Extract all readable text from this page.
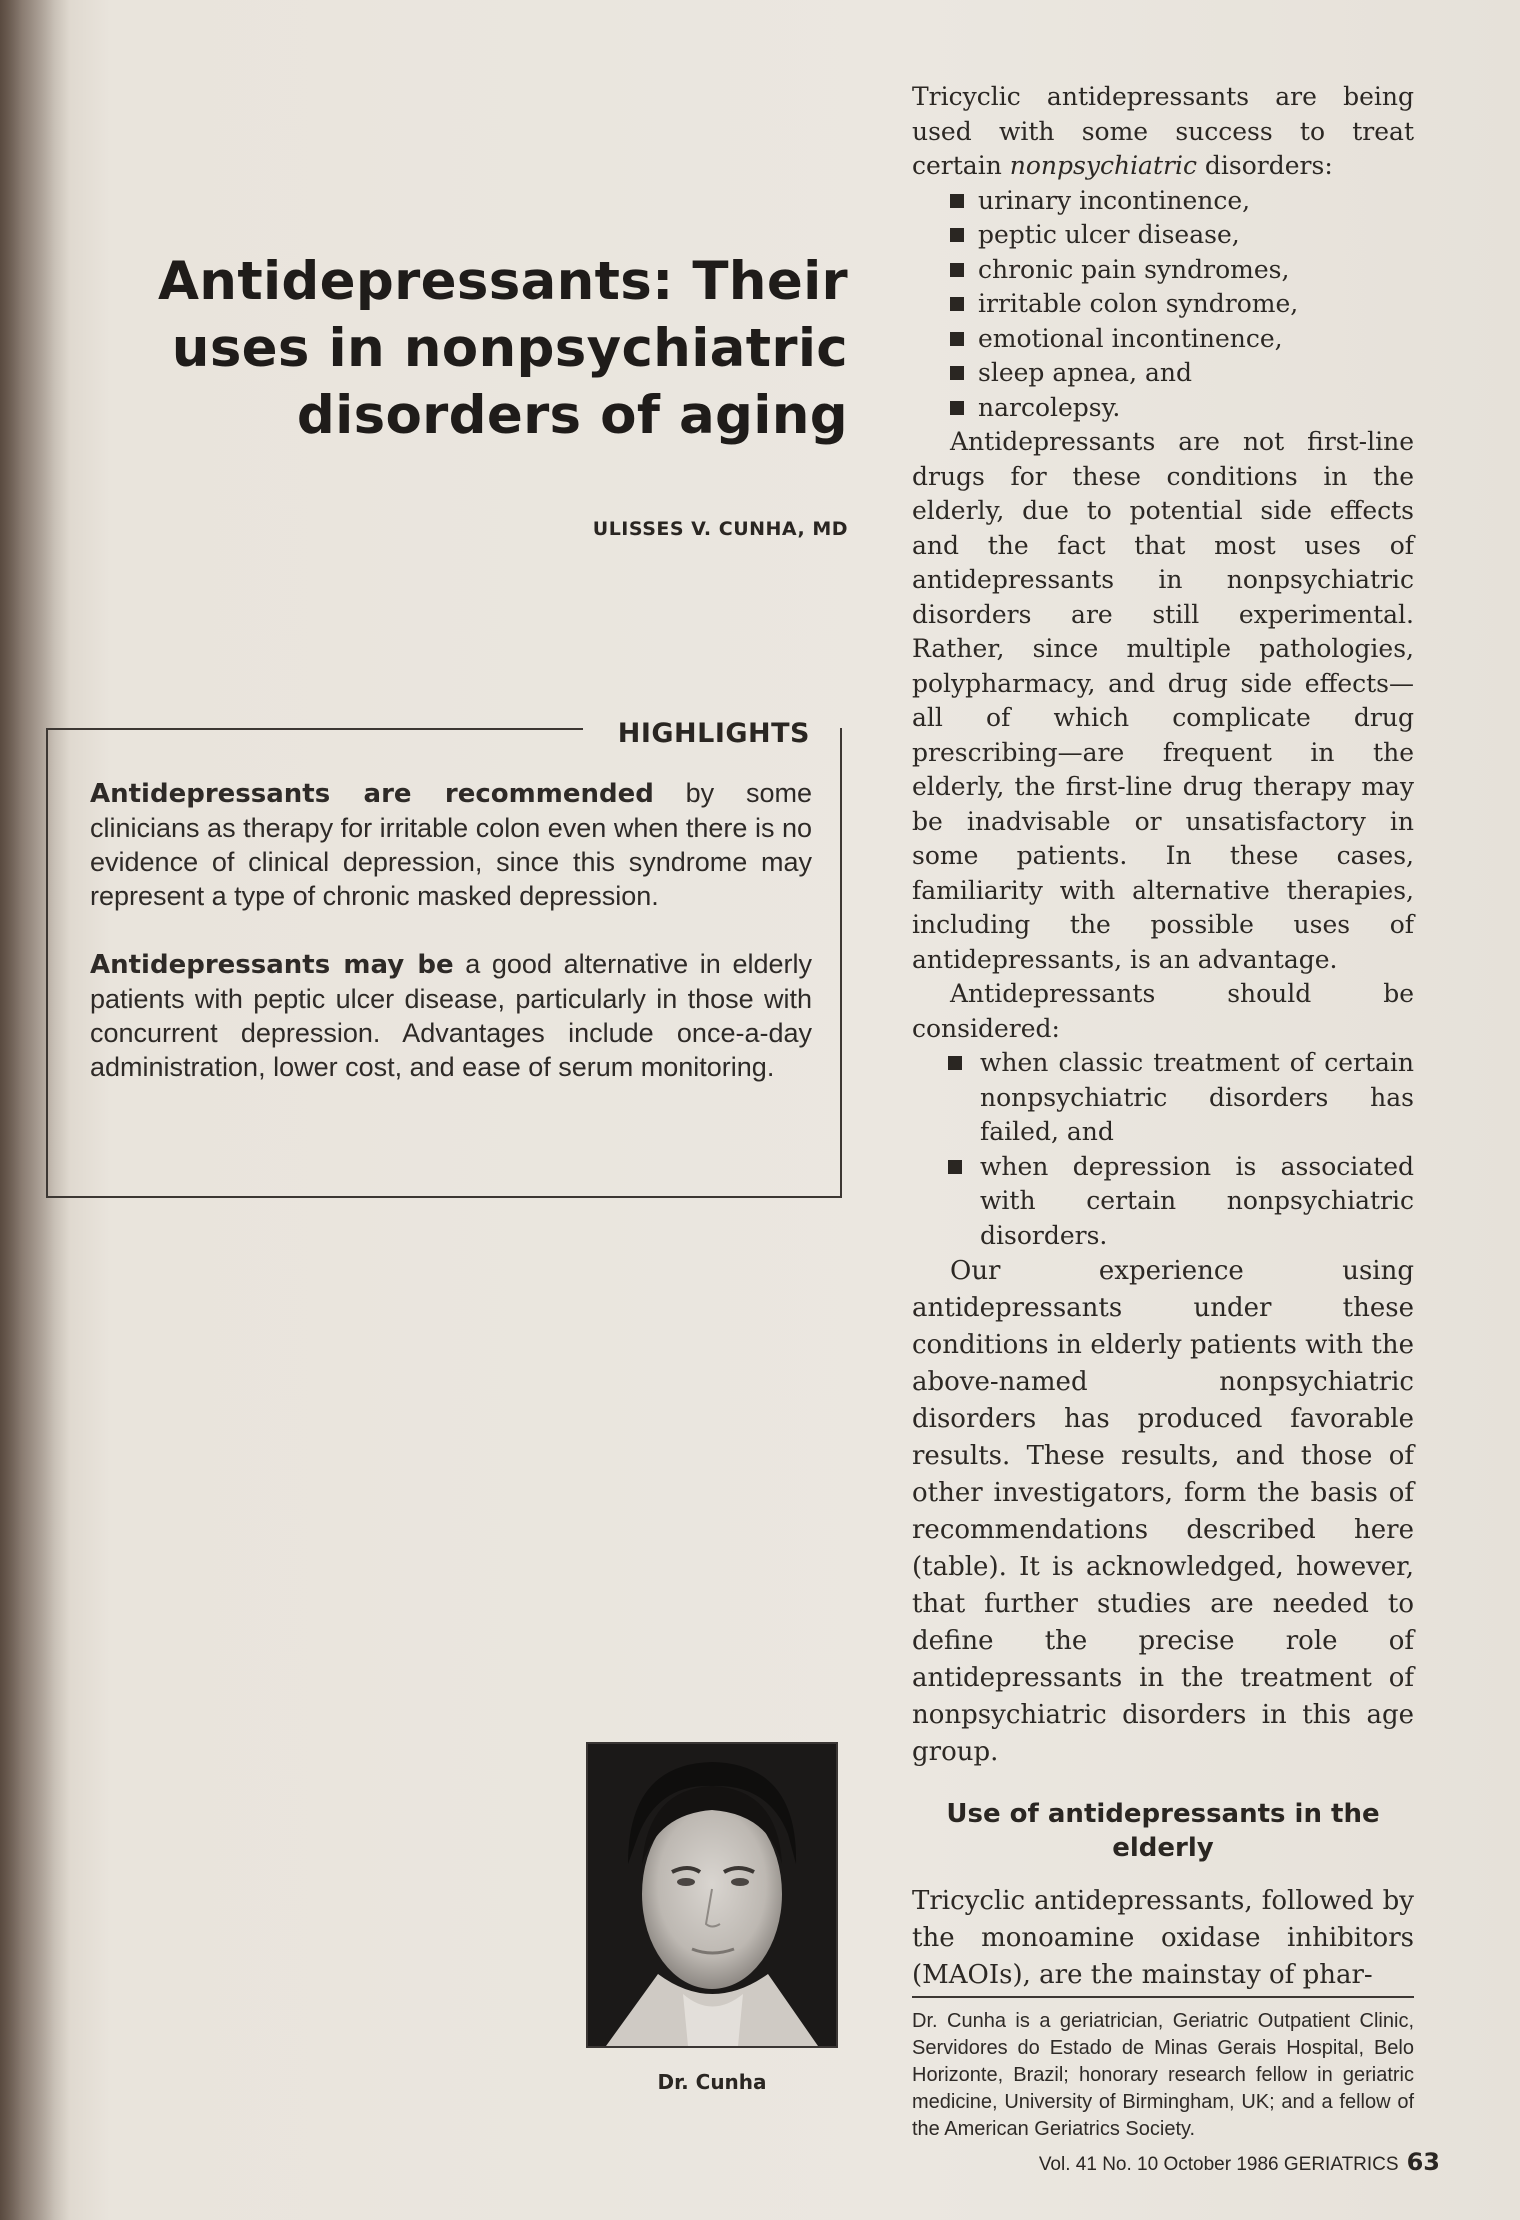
Antidepressants: Their uses in nonpsychiatric disorders of aging
ULISSES V. CUNHA, MD
HIGHLIGHTS

Antidepressants are recommended by some clinicians as therapy for irritable colon even when there is no evidence of clinical depression, since this syndrome may represent a type of chronic masked depression.

Antidepressants may be a good alternative in elderly patients with peptic ulcer disease, particularly in those with concurrent depression. Advantages include once-a-day administration, lower cost, and ease of serum monitoring.

Dr. Cunha

Tricyclic antidepressants are being used with some success to treat certain nonpsychiatric disorders:

urinary incontinence,
peptic ulcer disease,
chronic pain syndromes,
irritable colon syndrome,
emotional incontinence,
sleep apnea, and
narcolepsy.

Antidepressants are not first-line drugs for these conditions in the elderly, due to potential side effects and the fact that most uses of antidepressants in nonpsychiatric disorders are still experimental. Rather, since multiple pathologies, polypharmacy, and drug side effects—all of which complicate drug prescribing—are frequent in the elderly, the first-line drug therapy may be inadvisable or unsatisfactory in some patients. In these cases, familiarity with alternative therapies, including the possible uses of antidepressants, is an advantage.

Antidepressants should be considered:

when classic treatment of certain nonpsychiatric disorders has failed, and

when depression is associated with certain nonpsychiatric disorders.

Our experience using antidepressants under these conditions in elderly patients with the above-named nonpsychiatric disorders has produced favorable results. These results, and those of other investigators, form the basis of recommendations described here (table). It is acknowledged, however, that further studies are needed to define the precise role of antidepressants in the treatment of nonpsychiatric disorders in this age group.

Use of antidepressants in the elderly

Tricyclic antidepressants, followed by the monoamine oxidase inhibitors (MAOIs), are the mainstay of phar-

Dr. Cunha is a geriatrician, Geriatric Outpatient Clinic, Servidores do Estado de Minas Gerais Hospital, Belo Horizonte, Brazil; honorary research fellow in geriatric medicine, University of Birmingham, UK; and a fellow of the American Geriatrics Society.

Vol. 41 No. 10 October 1986 GERIATRICS 63
